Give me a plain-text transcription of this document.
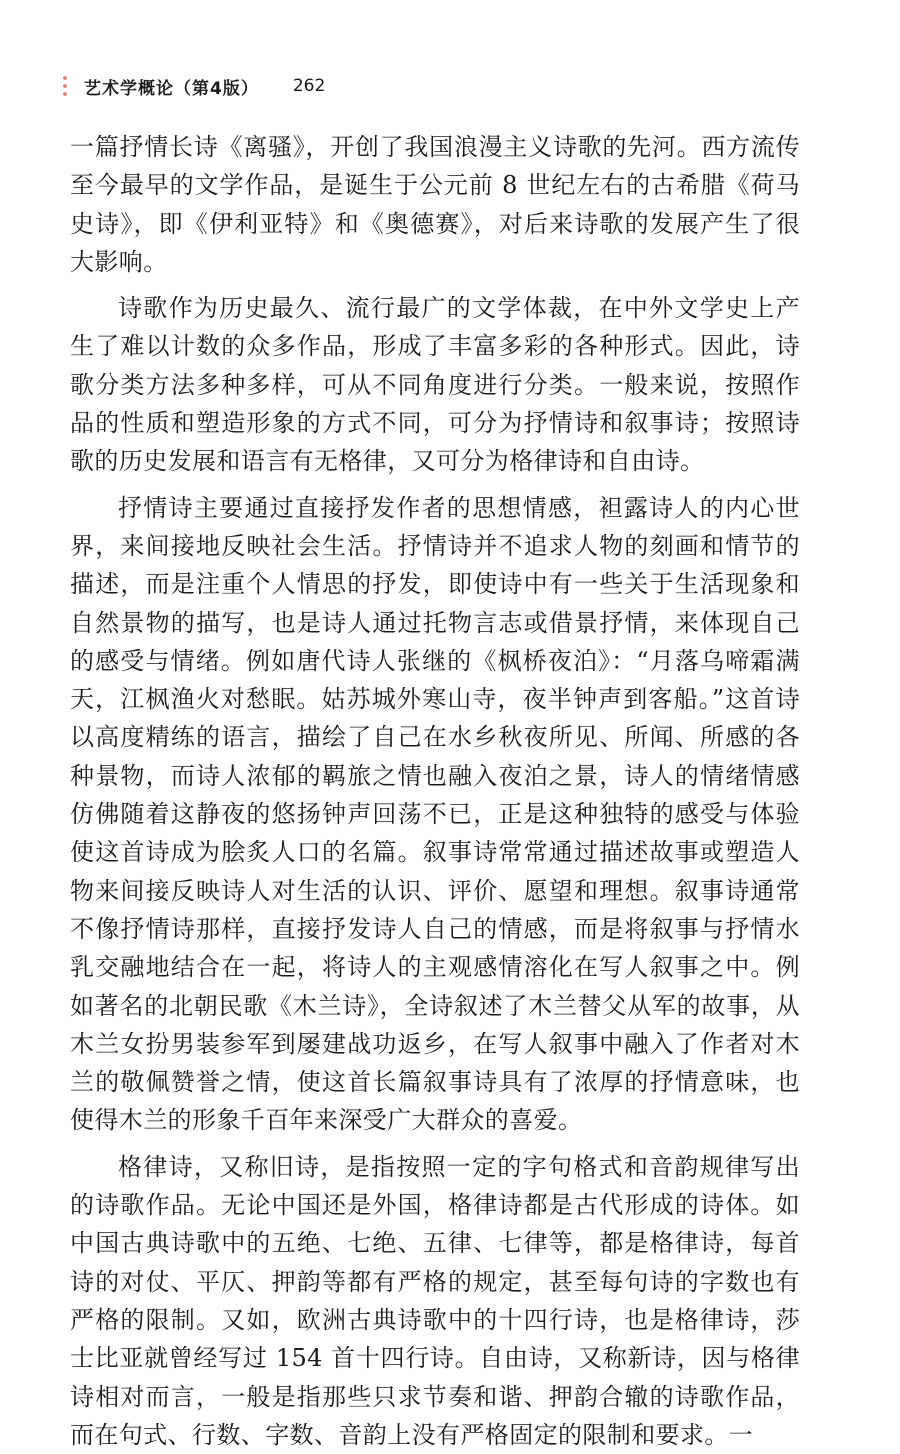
艺术学概论（第4版） 262

一篇抒情长诗《离骚》，开创了我国浪漫主义诗歌的先河。西方流传至今最早的文学作品，是诞生于公元前 8 世纪左右的古希腊《荷马史诗》，即《伊利亚特》和《奥德赛》，对后来诗歌的发展产生了很大影响。

诗歌作为历史最久、流行最广的文学体裁，在中外文学史上产生了难以计数的众多作品，形成了丰富多彩的各种形式。因此，诗歌分类方法多种多样，可从不同角度进行分类。一般来说，按照作品的性质和塑造形象的方式不同，可分为抒情诗和叙事诗；按照诗歌的历史发展和语言有无格律，又可分为格律诗和自由诗。

抒情诗主要通过直接抒发作者的思想情感，袒露诗人的内心世界，来间接地反映社会生活。抒情诗并不追求人物的刻画和情节的描述，而是注重个人情思的抒发，即使诗中有一些关于生活现象和自然景物的描写，也是诗人通过托物言志或借景抒情，来体现自己的感受与情绪。例如唐代诗人张继的《枫桥夜泊》：“月落乌啼霜满天，江枫渔火对愁眠。姑苏城外寒山寺，夜半钟声到客船。”这首诗以高度精练的语言，描绘了自己在水乡秋夜所见、所闻、所感的各种景物，而诗人浓郁的羁旅之情也融入夜泊之景，诗人的情绪情感仿佛随着这静夜的悠扬钟声回荡不已，正是这种独特的感受与体验使这首诗成为脍炙人口的名篇。叙事诗常常通过描述故事或塑造人物来间接反映诗人对生活的认识、评价、愿望和理想。叙事诗通常不像抒情诗那样，直接抒发诗人自己的情感，而是将叙事与抒情水乳交融地结合在一起，将诗人的主观感情溶化在写人叙事之中。例如著名的北朝民歌《木兰诗》，全诗叙述了木兰替父从军的故事，从木兰女扮男装参军到屡建战功返乡，在写人叙事中融入了作者对木兰的敬佩赞誉之情，使这首长篇叙事诗具有了浓厚的抒情意味，也使得木兰的形象千百年来深受广大群众的喜爱。

格律诗，又称旧诗，是指按照一定的字句格式和音韵规律写出的诗歌作品。无论中国还是外国，格律诗都是古代形成的诗体。如中国古典诗歌中的五绝、七绝、五律、七律等，都是格律诗，每首诗的对仗、平仄、押韵等都有严格的规定，甚至每句诗的字数也有严格的限制。又如，欧洲古典诗歌中的十四行诗，也是格律诗，莎士比亚就曾经写过 154 首十四行诗。自由诗，又称新诗，因与格律诗相对而言，一般是指那些只求节奏和谐、押韵合辙的诗歌作品，而在句式、行数、字数、音韵上没有严格固定的限制和要求。一
